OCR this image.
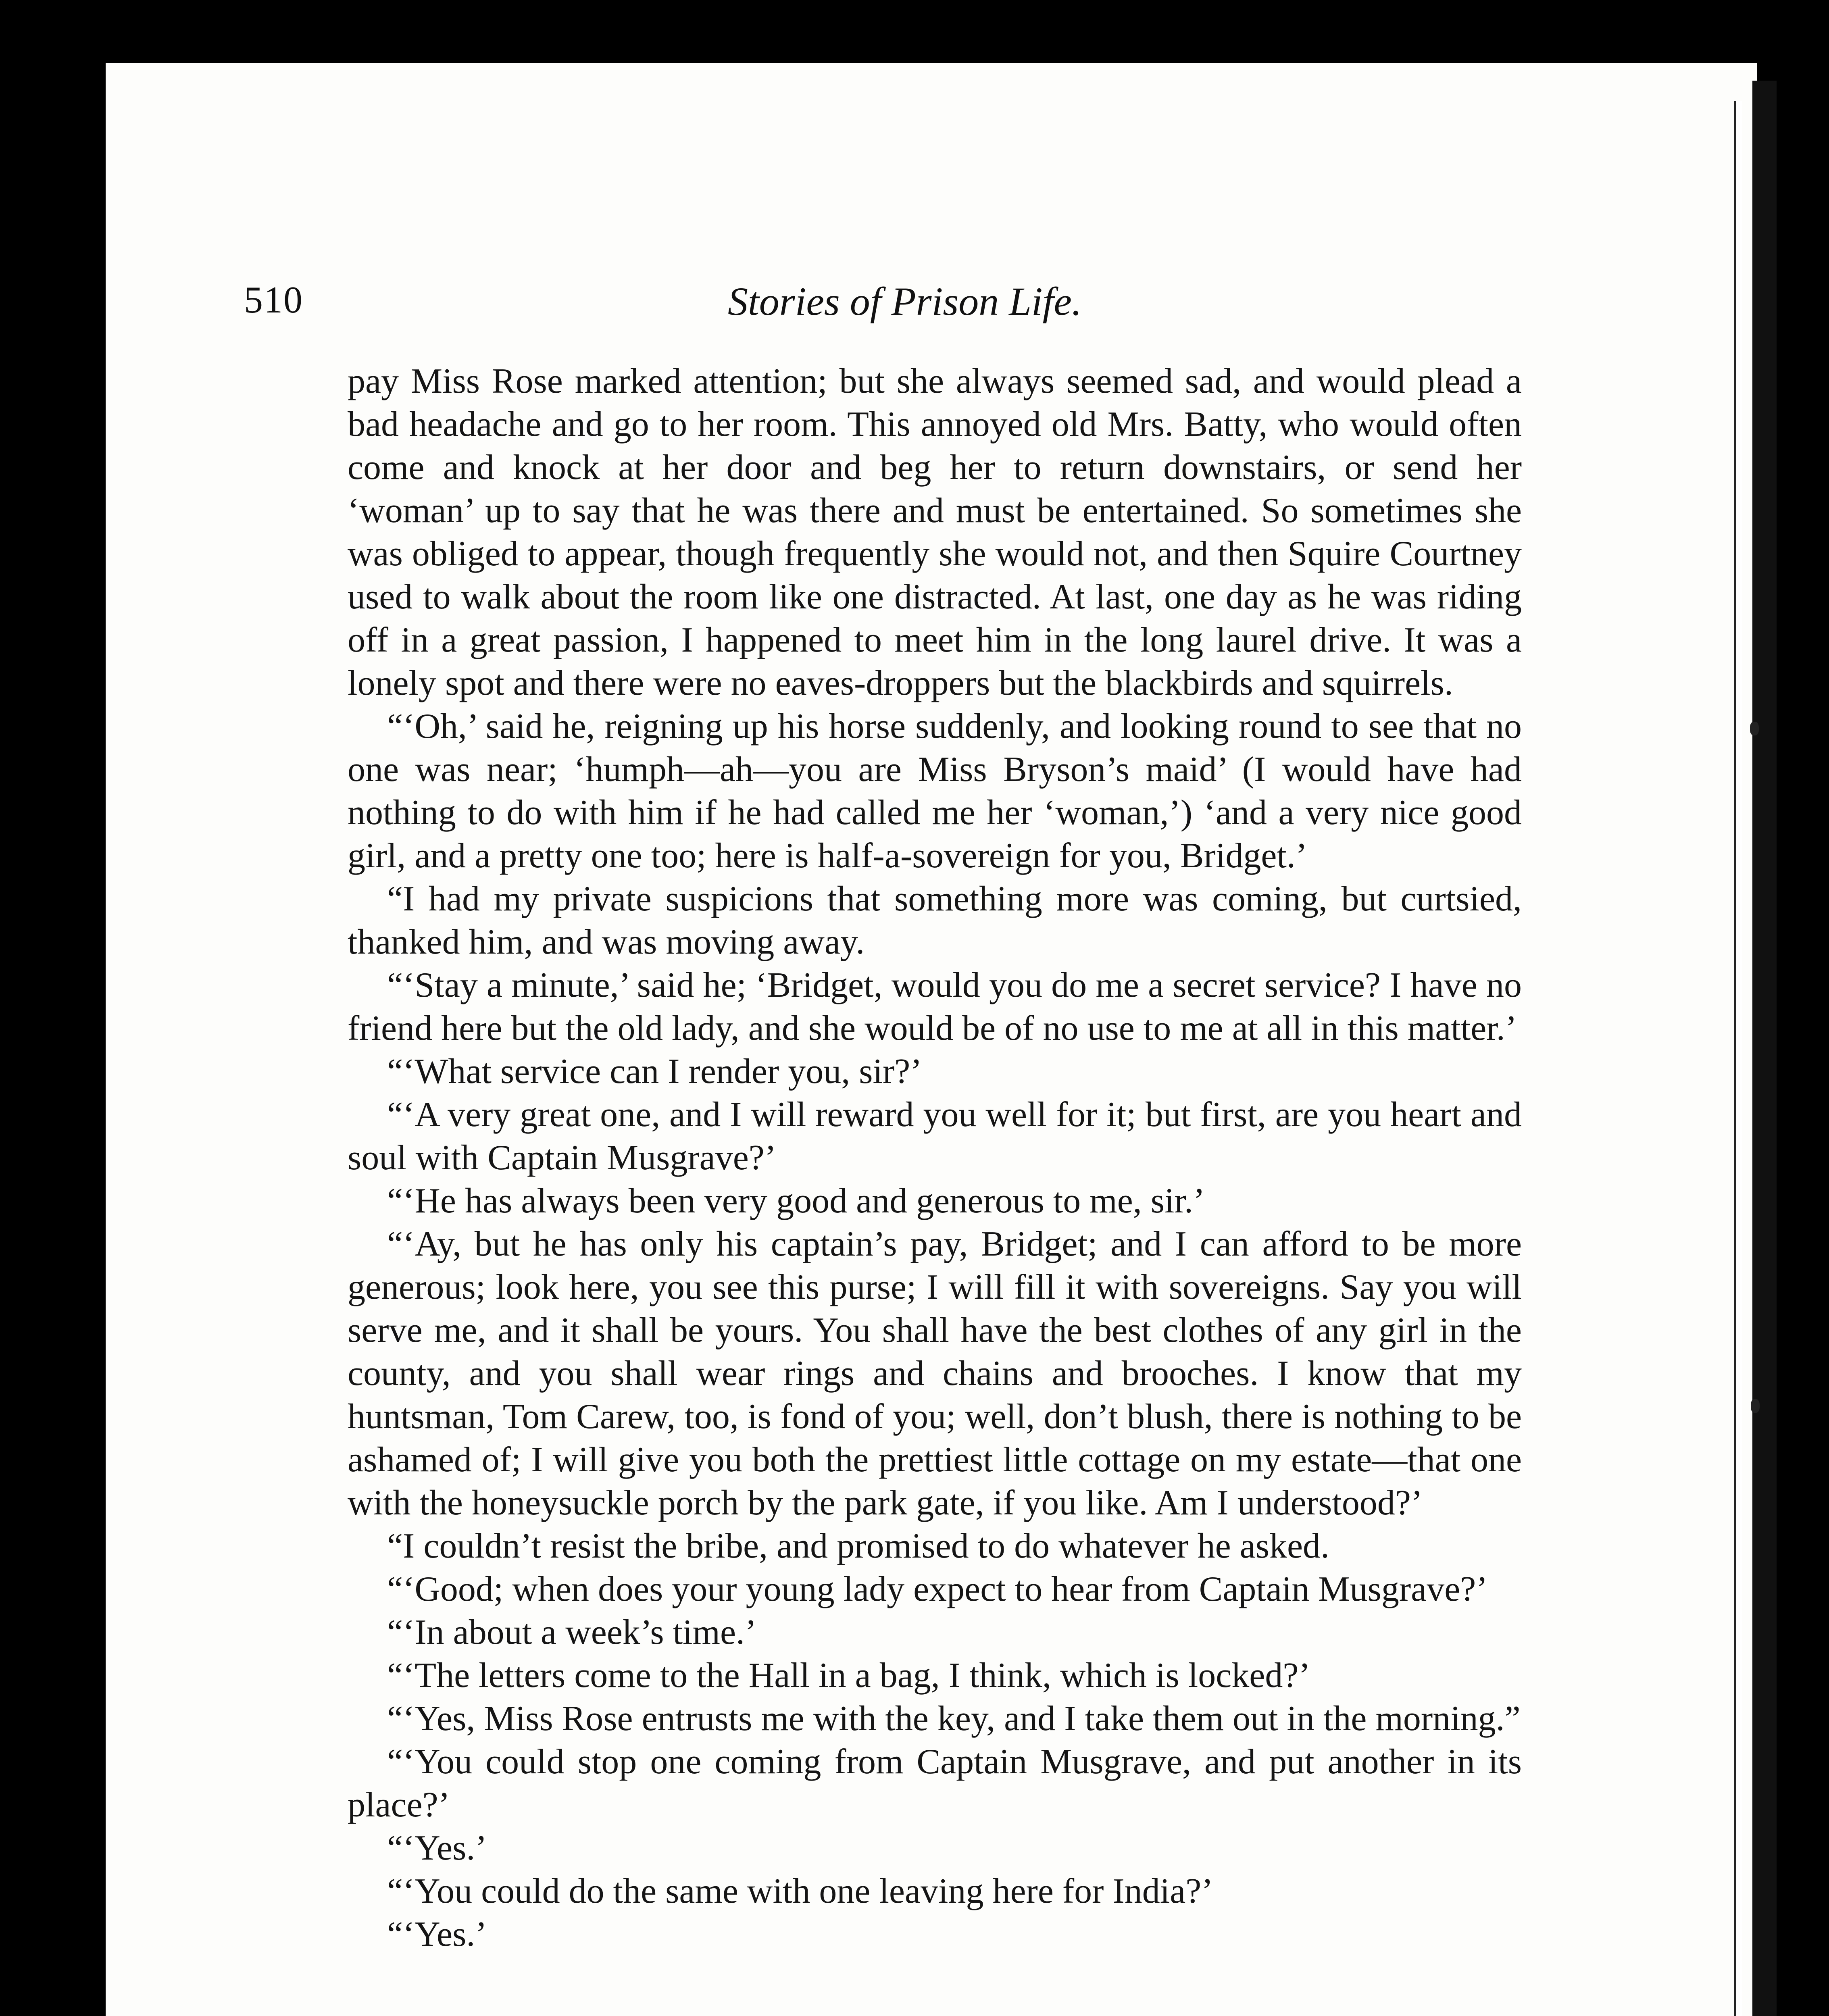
510	Stories of Prison Life.

pay Miss Rose marked attention; but she always seemed sad, and would plead a bad headache and go to her room. This annoyed old Mrs. Batty, who would often come and knock at her door and beg her to return downstairs, or send her ‘woman’ up to say that he was there and must be entertained. So sometimes she was obliged to appear, though frequently she would not, and then Squire Courtney used to walk about the room like one distracted. At last, one day as he was riding off in a great passion, I happened to meet him in the long laurel drive. It was a lonely spot and there were no eaves-droppers but the blackbirds and squirrels.

“‘Oh,’ said he, reigning up his horse suddenly, and looking round to see that no one was near; ‘humph—ah—you are Miss Bryson’s maid’ (I would have had nothing to do with him if he had called me her ‘woman,’) ‘and a very nice good girl, and a pretty one too; here is half-a-sovereign for you, Bridget.’

“I had my private suspicions that something more was coming, but curtsied, thanked him, and was moving away.

“‘Stay a minute,’ said he; ‘Bridget, would you do me a secret service? I have no friend here but the old lady, and she would be of no use to me at all in this matter.’

“‘What service can I render you, sir?’

“‘A very great one, and I will reward you well for it; but first, are you heart and soul with Captain Musgrave?’

“‘He has always been very good and generous to me, sir.’

“‘Ay, but he has only his captain’s pay, Bridget; and I can afford to be more generous; look here, you see this purse; I will fill it with sovereigns. Say you will serve me, and it shall be yours. You shall have the best clothes of any girl in the county, and you shall wear rings and chains and brooches. I know that my huntsman, Tom Carew, too, is fond of you; well, don’t blush, there is nothing to be ashamed of; I will give you both the prettiest little cottage on my estate—that one with the honeysuckle porch by the park gate, if you like. Am I understood?’

“I couldn’t resist the bribe, and promised to do whatever he asked.

“‘Good; when does your young lady expect to hear from Captain Musgrave?’

“‘In about a week’s time.’

“‘The letters come to the Hall in a bag, I think, which is locked?’

“‘Yes, Miss Rose entrusts me with the key, and I take them out in the morning.”

“‘You could stop one coming from Captain Musgrave, and put another in its place?’

“‘Yes.’

“‘You could do the same with one leaving here for India?’

“‘Yes.’
